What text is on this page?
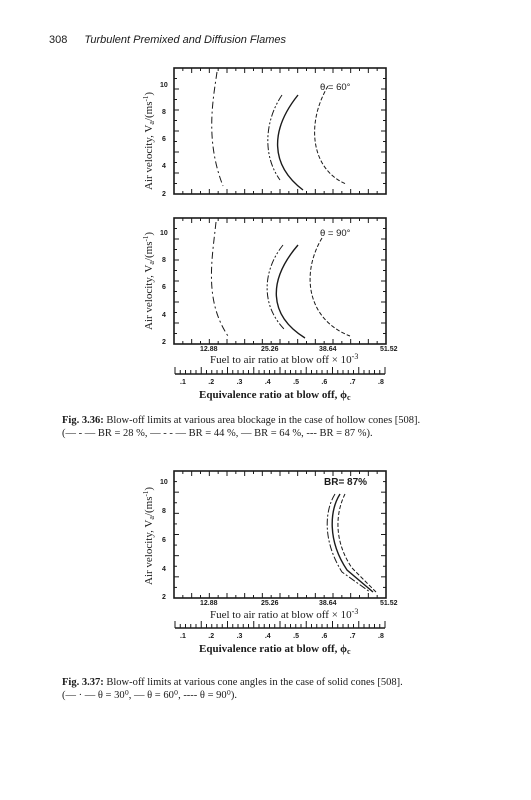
308 Turbulent Premixed and Diffusion Flames
Air velocity, $Va/(ms^{-1})$
2
4
6
8
10	θ = 60°
Air velocity, $Va/(ms^{-1})$
2
4
6
8
10	θ = 90°
12.88	25.26	38.64	51.52
Fuel to air ratio at blow off × $10^{-3}$
.1	.2	.3	.4	.5	.6	.7	.8
Equivalence ratio at blow off, ϕc
Air velocity, $Va/(ms^{-1})$
2
4
6
8
10	BR= 87%
12.88	25.26	38.64	51.52
Fuel to air ratio at blow off × $10^{-3}$
.1	.2	.3	.4	.5	.6	.7	.8
Equivalence ratio at blow off, ϕc
Fig. 3.36: Blow-off limits at various area blockage in the case of hollow cones [508].
(— - — BR = 28 %, — - - — BR = 44 %, — BR = 64 %, --- BR = 87 %).
Fig. 3.37: Blow-off limits at various cone angles in the case of solid cones [508].
(— · — θ = 30⁰, — θ = 60⁰, ---- θ = 90⁰).
